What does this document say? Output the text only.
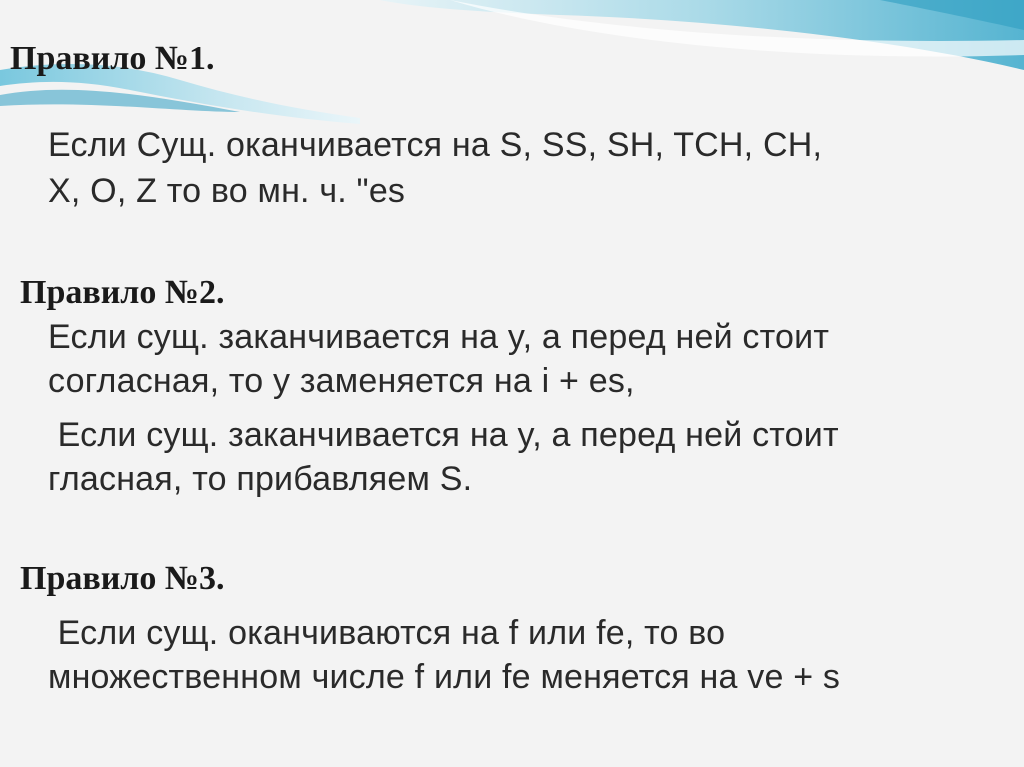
Правило №1.

Если Сущ. оканчивается на S, SS, SH, TCH, CH,

X, O, Z то во мн. ч. "es

Правило №2.

Если сущ. заканчивается на y, а перед ней стоит

согласная, то y заменяется на i + es,

Если сущ. заканчивается на y, а перед ней стоит

гласная, то прибавляем S.

Правило №3.

Если сущ. оканчиваются на f или fe, то во

множественном числе f или fe меняется на ve + s
